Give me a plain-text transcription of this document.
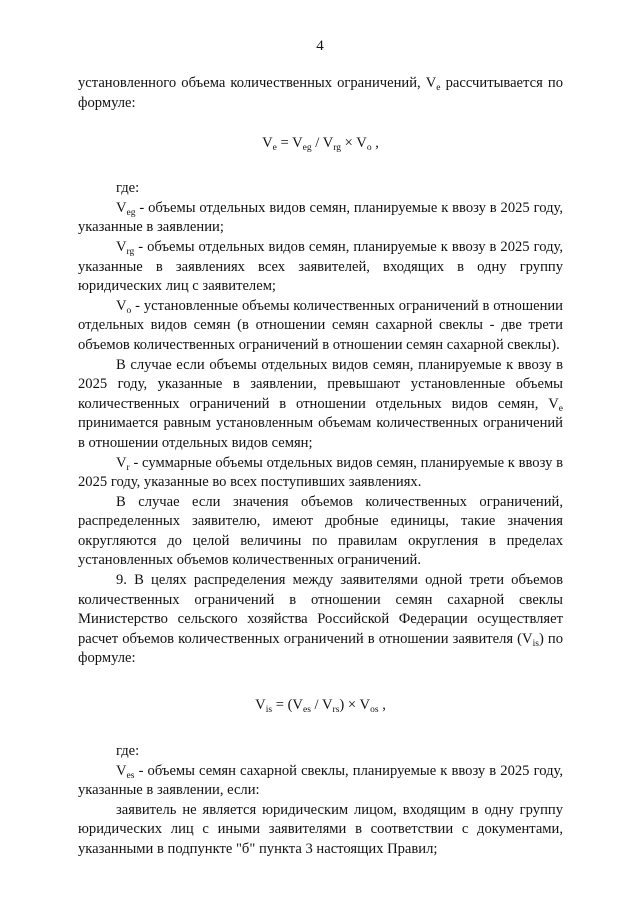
4

установленного объема количественных ограничений, $V_e$ рассчитывается по формуле:

$V_e = V_{eg} / V_{rg} \times V_o$ ,

где:

$V_{eg}$ - объемы отдельных видов семян, планируемые к ввозу в 2025 году, указанные в заявлении;

$V_{rg}$ - объемы отдельных видов семян, планируемые к ввозу в 2025 году, указанные в заявлениях всех заявителей, входящих в одну группу юридических лиц с заявителем;

$V_o$ - установленные объемы количественных ограничений в отношении отдельных видов семян (в отношении семян сахарной свеклы - две трети объемов количественных ограничений в отношении семян сахарной свеклы).

В случае если объемы отдельных видов семян, планируемые к ввозу в 2025 году, указанные в заявлении, превышают установленные объемы количественных ограничений в отношении отдельных видов семян, $V_e$ принимается равным установленным объемам количественных ограничений в отношении отдельных видов семян;

$V_r$ - суммарные объемы отдельных видов семян, планируемые к ввозу в 2025 году, указанные во всех поступивших заявлениях.

В случае если значения объемов количественных ограничений, распределенных заявителю, имеют дробные единицы, такие значения округляются до целой величины по правилам округления в пределах установленных объемов количественных ограничений.

9. В целях распределения между заявителями одной трети объемов количественных ограничений в отношении семян сахарной свеклы Министерство сельского хозяйства Российской Федерации осуществляет расчет объемов количественных ограничений в отношении заявителя $(V_{is})$ по формуле:

$V_{is} = (V_{es} / V_{rs}) \times V_{os}$ ,

где:

$V_{es}$ - объемы семян сахарной свеклы, планируемые к ввозу в 2025 году, указанные в заявлении, если:

заявитель не является юридическим лицом, входящим в одну группу юридических лиц с иными заявителями в соответствии с документами, указанными в подпункте "б" пункта 3 настоящих Правил;
